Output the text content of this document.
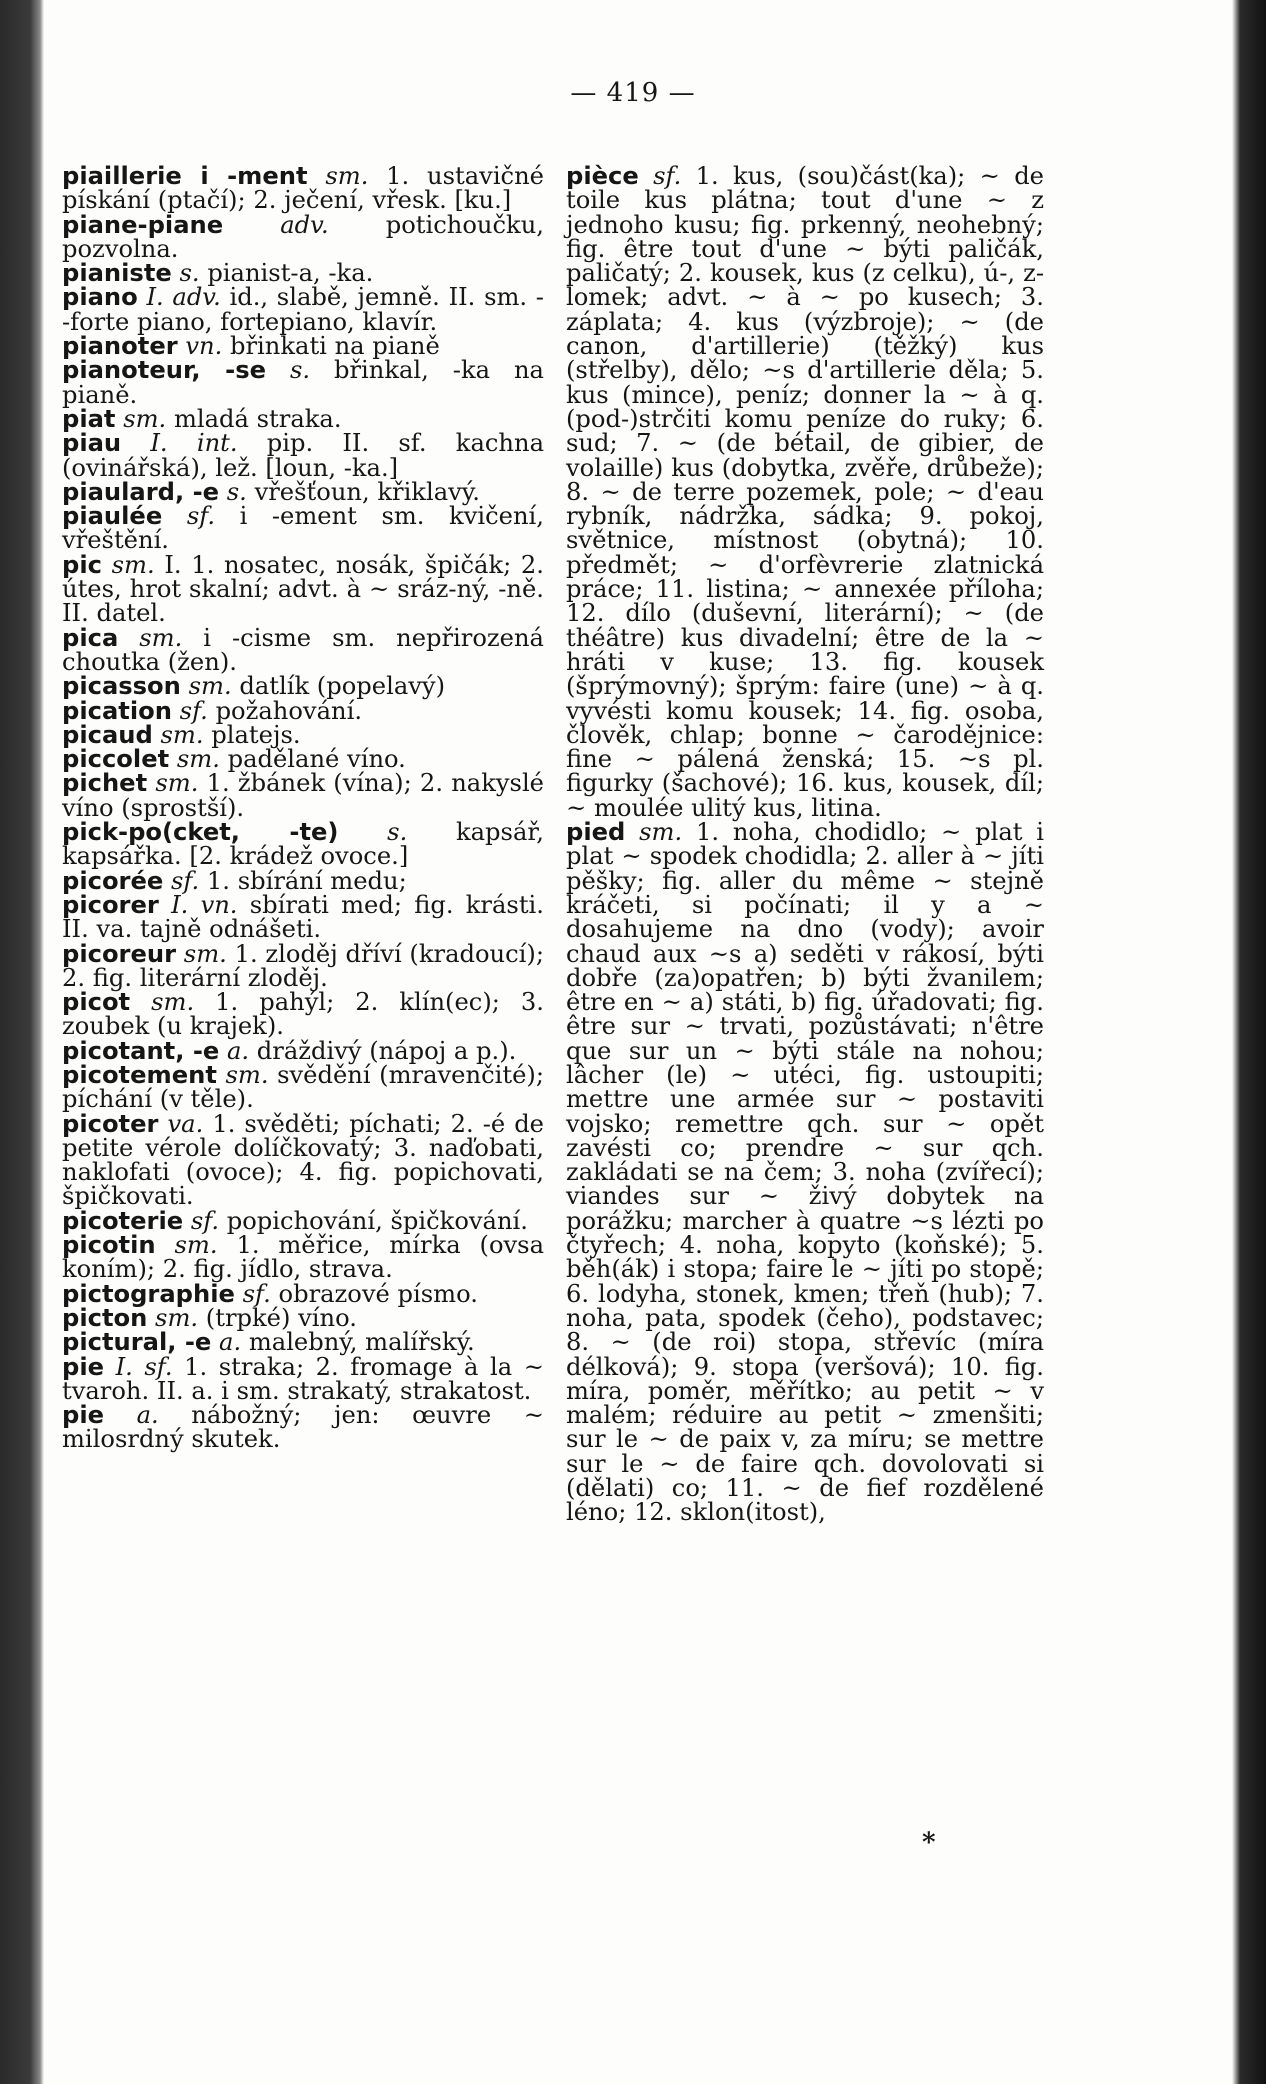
— 419 —

piaillerie i -ment sm. 1. ustavičné pískání (ptačí); 2. ječení, vřesk. [ku.]

piane-piane adv. potichoučku, pozvolna.

pianiste s. pianist-a, -ka.

piano I. adv. id., slabě, jemně. II. sm. --forte piano, fortepiano, klavír.

pianoter vn. břinkati na pianě

pianoteur, -se s. břinkal, -ka na pianě.

piat sm. mladá straka.

piau I. int. pip. II. sf. kachna (ovinářská), lež. [loun, -ka.]

piaulard, -e s. vřešťoun, křiklavý.

piaulée sf. i -ement sm. kvičení, vřeštění.

pic sm. I. 1. nosatec, nosák, špičák; 2. útes, hrot skalní; advt. à ~ sráz-ný, -ně. II. datel.

pica sm. i -cisme sm. nepřirozená choutka (žen).

picasson sm. datlík (popelavý)

pication sf. požahování.

picaud sm. platejs.

piccolet sm. padělané víno.

pichet sm. 1. žbánek (vína); 2. nakyslé víno (sprostší).

pick-po(cket, -te) s. kapsář, kapsářka. [2. krádež ovoce.]

picorée sf. 1. sbírání medu;

picorer I. vn. sbírati med; fig. krásti. II. va. tajně odnášeti.

picoreur sm. 1. zloděj dříví (kradoucí); 2. fig. literární zloděj.

picot sm. 1. pahýl; 2. klín(ec); 3. zoubek (u krajek).

picotant, -e a. dráždivý (nápoj a p.).

picotement sm. svědění (mravenčité); píchání (v těle).

picoter va. 1. svěděti; píchati; 2. -é de petite vérole dolíčkovatý; 3. naďobati, naklofati (ovoce); 4. fig. popichovati, špičkovati.

picoterie sf. popichování, špičkování.

picotin sm. 1. měřice, mírka (ovsa koním); 2. fig. jídlo, strava.

pictographie sf. obrazové písmo.

picton sm. (trpké) víno.

pictural, -e a. malebný, malířský.

pie I. sf. 1. straka; 2. fromage à la ~ tvaroh. II. a. i sm. strakatý, strakatost.

pie a. nábožný; jen: œuvre ~ milosrdný skutek.

pièce sf. 1. kus, (sou)část(ka); ~ de toile kus plátna; tout d'une ~ z jednoho kusu; fig. prkenný, neohebný; fig. être tout d'une ~ býti paličák, paličatý; 2. kousek, kus (z celku), ú-, z-lomek; advt. ~ à ~ po kusech; 3. záplata; 4. kus (výzbroje); ~ (de canon, d'artillerie) (těžký) kus (střelby), dělo; ~s d'artillerie děla; 5. kus (mince), peníz; donner la ~ à q. (pod-)strčiti komu peníze do ruky; 6. sud; 7. ~ (de bétail, de gibier, de volaille) kus (dobytka, zvěře, drůbeže); 8. ~ de terre pozemek, pole; ~ d'eau rybník, nádržka, sádka; 9. pokoj, světnice, místnost (obytná); 10. předmět; ~ d'orfèvrerie zlatnická práce; 11. listina; ~ annexée příloha; 12. dílo (duševní, literární); ~ (de théâtre) kus divadelní; être de la ~ hráti v kuse; 13. fig. kousek (šprýmovný); šprým: faire (une) ~ à q. vyvésti komu kousek; 14. fig. osoba, člověk, chlap; bonne ~ čarodějnice: fine ~ pálená ženská; 15. ~s pl. figurky (šachové); 16. kus, kousek, díl; ~ moulée ulitý kus, litina.

pied sm. 1. noha, chodidlo; ~ plat i plat ~ spodek chodidla; 2. aller à ~ jíti pěšky; fig. aller du même ~ stejně kráčeti, si počínati; il y a ~ dosahujeme na dno (vody); avoir chaud aux ~s a) seděti v rákosí, býti dobře (za)opatřen; b) býti žvanilem; être en ~ a) státi, b) fig. úřadovati; fig. être sur ~ trvati, pozůstávati; n'être que sur un ~ býti stále na nohou; lâcher (le) ~ utéci, fig. ustoupiti; mettre une armée sur ~ postaviti vojsko; remettre qch. sur ~ opět zavésti co; prendre ~ sur qch. zakládati se na čem; 3. noha (zvířecí); viandes sur ~ živý dobytek na porážku; marcher à quatre ~s lézti po čtyřech; 4. noha, kopyto (koňské); 5. běh(ák) i stopa; faire le ~ jíti po stopě; 6. lodyha, stonek, kmen; třeň (hub); 7. noha, pata, spodek (čeho), podstavec; 8. ~ (de roi) stopa, střevíc (míra délková); 9. stopa (veršová); 10. fig. míra, poměr, měřítko; au petit ~ v malém; réduire au petit ~ zmenšiti; sur le ~ de paix v, za míru; se mettre sur le ~ de faire qch. dovolovati si (dělati) co; 11. ~ de fief rozdělené léno; 12. sklon(itost),

*
